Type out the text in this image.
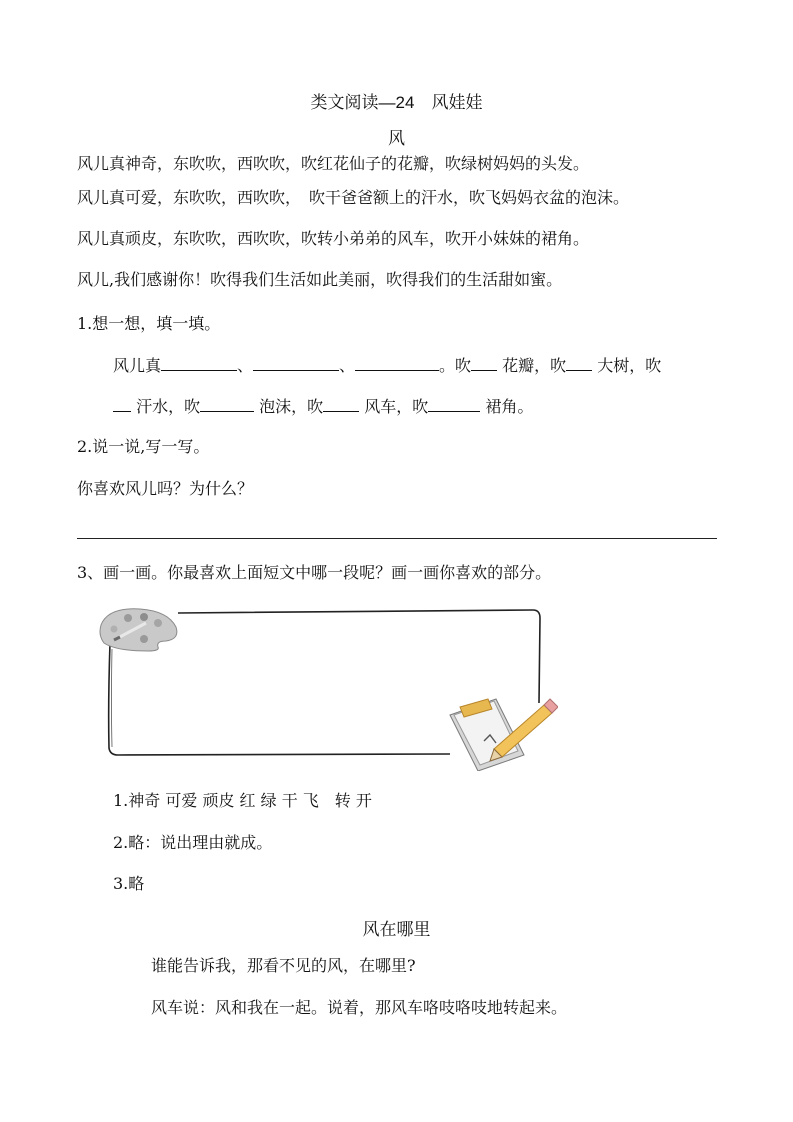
类文阅读—24　风娃娃
风
风儿真神奇，东吹吹，西吹吹，吹红花仙子的花瓣，吹绿树妈妈的头发。
风儿真可爱，东吹吹，西吹吹，　吹干爸爸额上的汗水，吹飞妈妈衣盆的泡沫。
风儿真顽皮，东吹吹，西吹吹，吹转小弟弟的风车，吹开小妹妹的裙角。
风儿,我们感谢你！吹得我们生活如此美丽，吹得我们的生活甜如蜜。
1.想一想，填一填。
风儿真	、	、	。吹 花瓣，吹 大树，吹
汗水，吹	泡沫，吹 风车，吹	裙角。
2.说一说,写一写。
你喜欢风儿吗？为什么？
3、画一画。你最喜欢上面短文中哪一段呢？画一画你喜欢的部分。
1.神奇 可爱 顽皮 红 绿 干 飞　转 开
2.略：说出理由就成。
3.略
风在哪里
谁能告诉我，那看不见的风，在哪里?
风车说：风和我在一起。说着，那风车咯吱咯吱地转起来。
